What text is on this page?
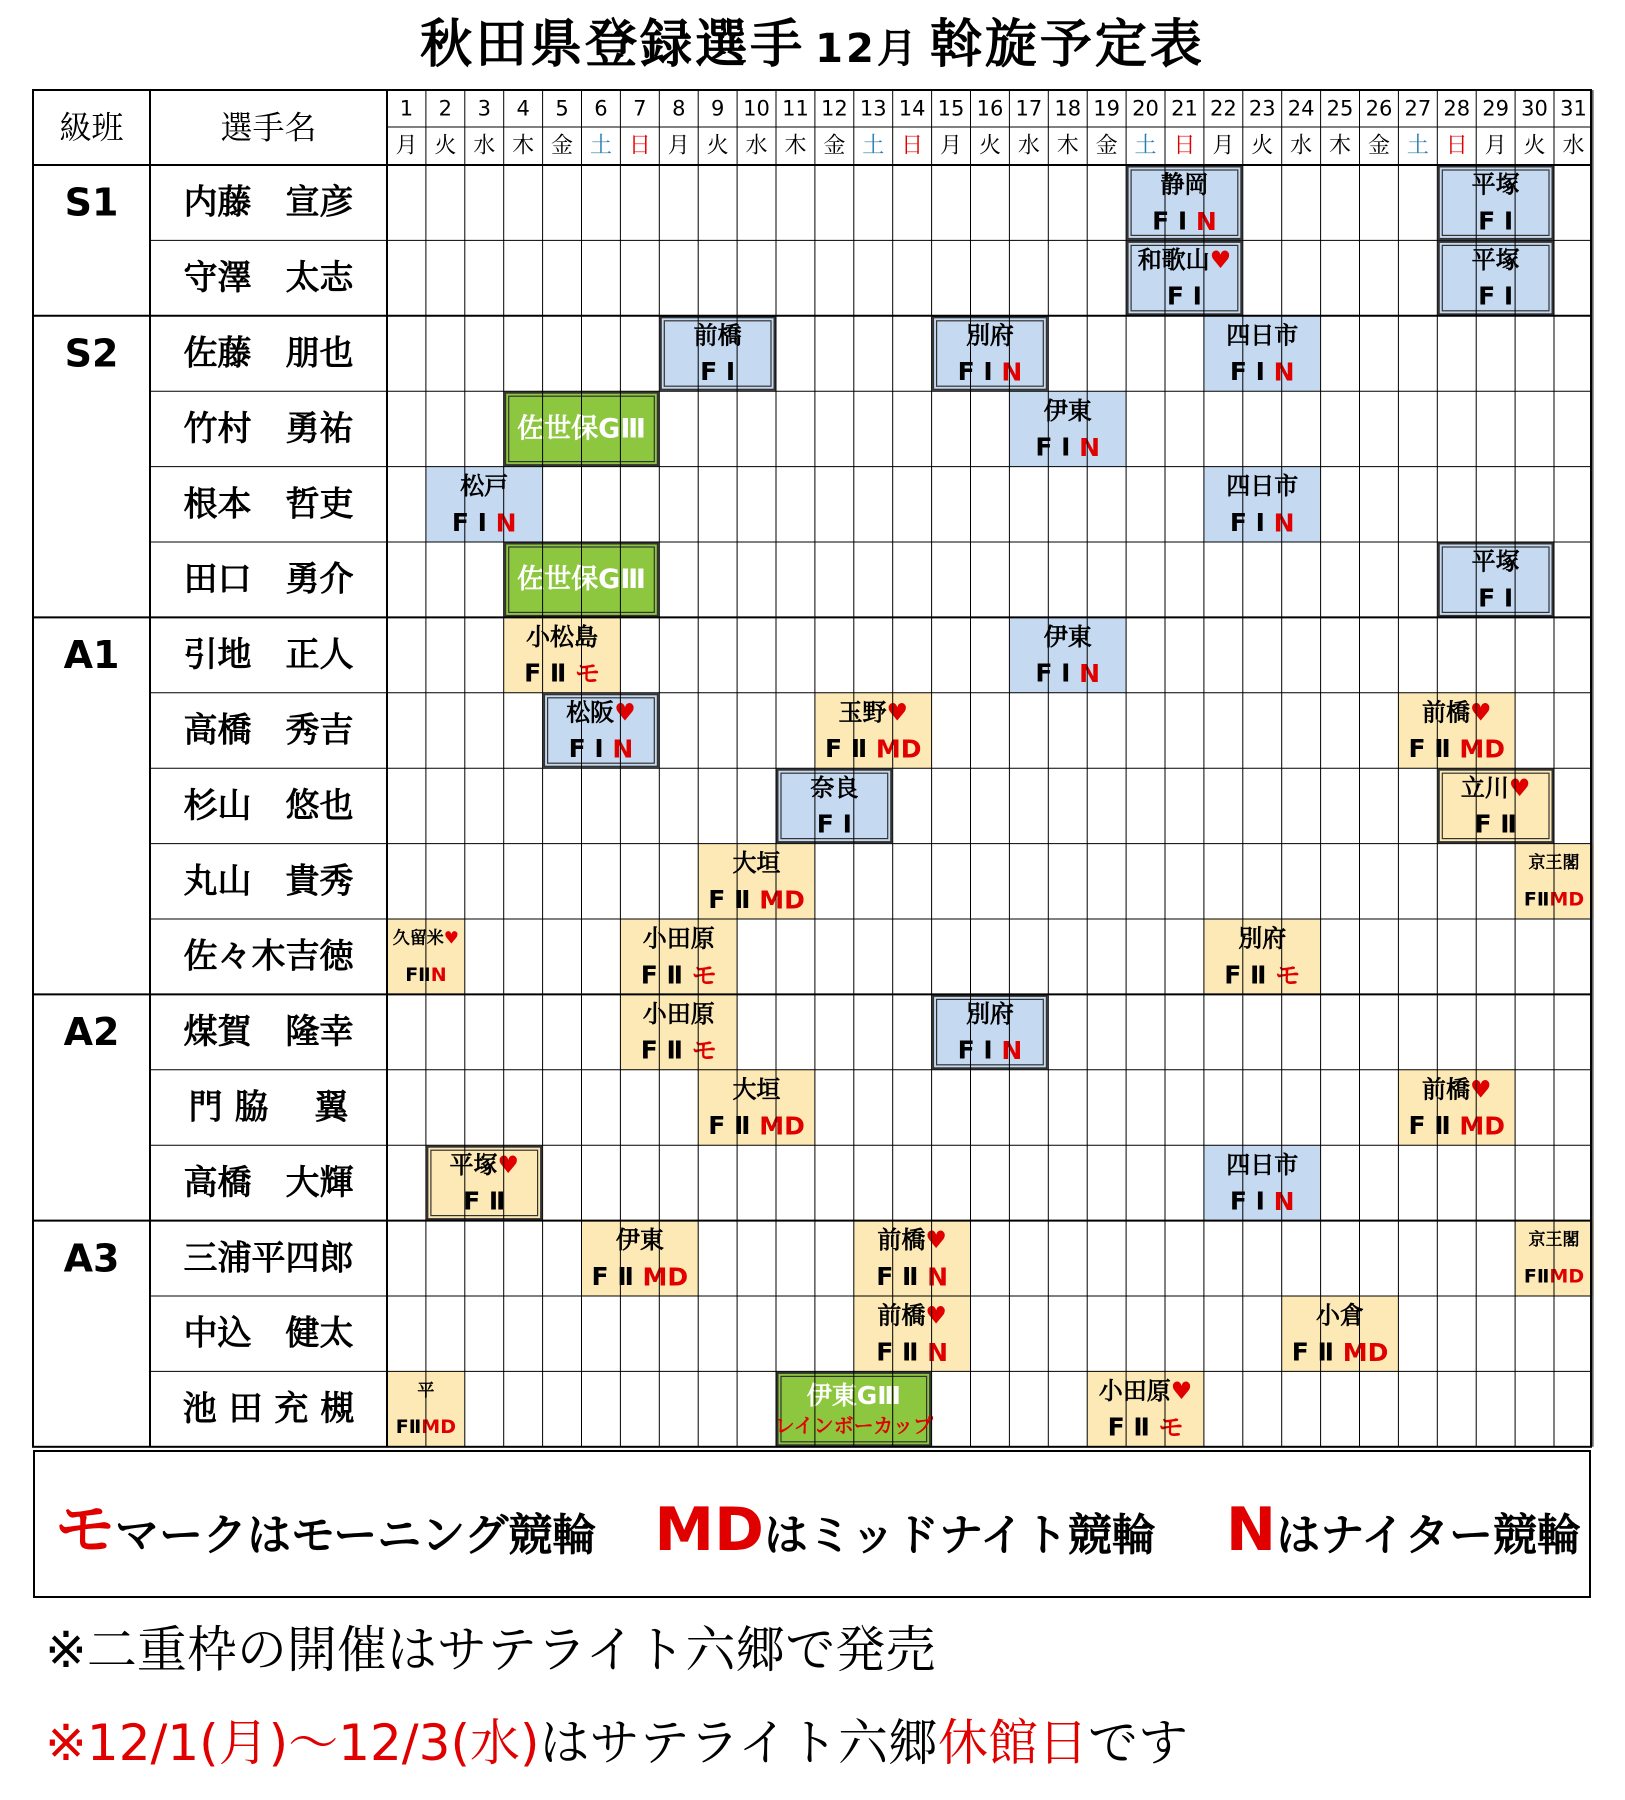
秋田県登録選手 12月 斡旋予定表
静岡
F Ⅰ N
平塚
F Ⅰ
和歌山♥
F Ⅰ
平塚
F Ⅰ
前橋
F Ⅰ
別府
F Ⅰ N
四日市
F Ⅰ N
佐世保GⅢ
伊東
F Ⅰ N
松戸
F Ⅰ N
四日市
F Ⅰ N
佐世保GⅢ
平塚
F Ⅰ
小松島
F Ⅱ モ
伊東
F Ⅰ N
松阪♥
F Ⅰ N
玉野♥
F Ⅱ MD
前橋♥
F Ⅱ MD
奈良
F Ⅰ
立川♥
F Ⅱ
大垣
F Ⅱ MD
京王閣
FⅡMD
久留米♥
FⅡN
小田原
F Ⅱ モ
別府
F Ⅱ モ
小田原
F Ⅱ モ
別府
F Ⅰ N
大垣
F Ⅱ MD
前橋♥
F Ⅱ MD
平塚♥
F Ⅱ
四日市
F Ⅰ N
伊東
F Ⅱ MD
前橋♥
F Ⅱ N
京王閣
FⅡMD
前橋♥
F Ⅱ N
小倉
F Ⅱ MD
平
FⅡMD
伊東GⅢ
レインボーカップ
小田原♥
F Ⅱ モ
級班	選手名	1
月
2
火
3
水
4
木
5
金
6
土
7
日
8
月
9
火
10
水
11
木
12
金
13
土
14
日
15
月
16
火
17
水
18
木
19
金
20
土
21
日
22
月
23
火
24
水
25
木
26
金
27
土
28
日
29
月
30
火
31
水
S1
S2
A1
A2
A3
内藤　宣彦
守澤　太志
佐藤　朋也
竹村　勇祐
根本　哲吏
田口　勇介
引地　正人
高橋　秀吉
杉山　悠也
丸山　貴秀
佐々木吉徳
煤賀　隆幸
門 脇　 翼
高橋　大輝
三浦平四郎
中込　健太
池 田 充 槻
モマークはモーニング競輪 MDはミッドナイト競輪 Nはナイター競輪
※二重枠の開催はサテライト六郷で発売
※12/1(月)～12/3(水)はサテライト六郷休館日です
